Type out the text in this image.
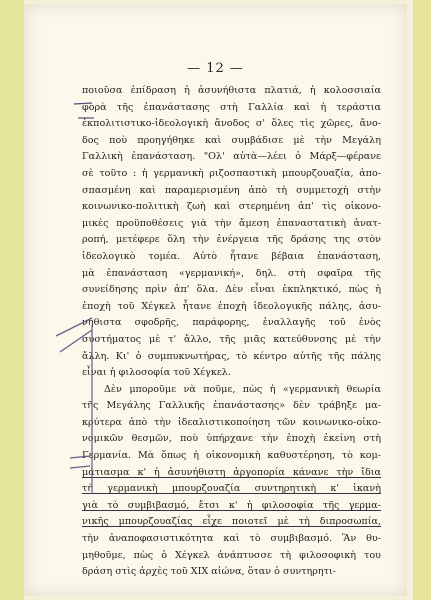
— 12 —
ποιοῦσα ἐπίδραση ἡ ἀσυνήθιστα πλατιά, ἡ κολοσσιαία
φορὰ τῆς ἐπανάστασης στὴ Γαλλία καὶ ἡ τεράστια
ἐκπολιτιστικο-ἰδεολογικὴ ἄνοδος σ' ὅλες τὶς χῶρες, ἄνο-
δος ποὺ προηγήθηκε καὶ συμβάδισε μὲ τὴν Μεγάλη
Γαλλικὴ ἐπανάσταση. "Ολ' αὐτὰ—λέει ὁ Μάρξ—φέρανε
σὲ τοῦτο : ἡ γερμανικὴ ριζοσπαστικὴ μπουρζουαζία, ἀπο-
σπασμένη καὶ παραμερισμένη ἀπὸ τὴ συμμετοχὴ στὴν
κοινωνικο-πολιτικὴ ζωὴ καὶ στερημένη ἀπ' τὶς οἰκονο-
μικὲς προϋποθέσεις γιὰ τὴν ἄμεση ἐπαναστατικὴ ἀνατ-
ροπή, μετέφερε ὅλη τὴν ἐνέργεια τῆς δράσης της στὸν
ἰδεολογικὸ τομέα. Αὐτὸ ἦτανε βέβαια ἐπανάσταση,
μὰ ἐπανάσταση «γερμανική», δηλ. στὴ σφαῖρα τῆς
συνείδησης πρὶν ἀπ' ὅλα. Δὲν εἶναι ἐκπληκτικό, πὼς ἡ
ἐποχὴ τοῦ Χέγκελ ἦτανε ἐποχὴ ἰδεολογικῆς πάλης, ἀσυ-
νήθιστα σφοδρῆς, παράφορης, ἐναλλαγῆς τοῦ ἑνὸς
συστήματος μὲ τ' ἄλλο, τῆς μιᾶς κατεύθυνσης μὲ τὴν
ἄλλη. Κι' ὁ συμπυκνωτήρας, τὸ κέντρο αὐτῆς τῆς πάλης
εἶναι ἡ φιλοσοφία τοῦ Χέγκελ.
Δὲν μποροῦμε νὰ ποῦμε, πὼς ἡ «γερμανικὴ θεωρία
τῆς Μεγάλης Γαλλικῆς ἐπανάστασης» δὲν τράβηξε μα-
κρύτερα ἀπὸ τὴν ἰδεαλιστικοποίηση τῶν κοινωνικο-οἰκο-
νομικῶν θεσμῶν, ποὺ ὑπήρχανε τὴν ἐποχὴ ἐκείνη στὴ
Γερμανία. Μὰ ὅπως ἡ οἰκονομικὴ καθυστέρηση, τὸ κομ-
μάτιασμα κ' ἡ ἀσυνήθιστη ἀργοπορία κάνανε τὴν ἴδια
τὴ γερμανικὴ μπουρζουαζία συντηρητικὴ κ' ἱκανὴ
γιὰ τὸ συμβιβασμό, ἔτσι κ' ἡ φιλοσοφία τῆς γερμα-
νικῆς μπουρζουαζίας εἶχε ποιοτεῖ μὲ τὴ διπροσωπία,
τὴν ἀναποφασιστικότητα καὶ τὸ συμβιβασμό. Ἂν θυ-
μηθοῦμε, πὼς ὁ Χέγκελ ἀνάπτυσσε τὴ φιλοσοφικὴ του
δράση στὶς ἀρχὲς τοῦ XIX αἰώνα, ὅταν ὁ συντηρητι-
